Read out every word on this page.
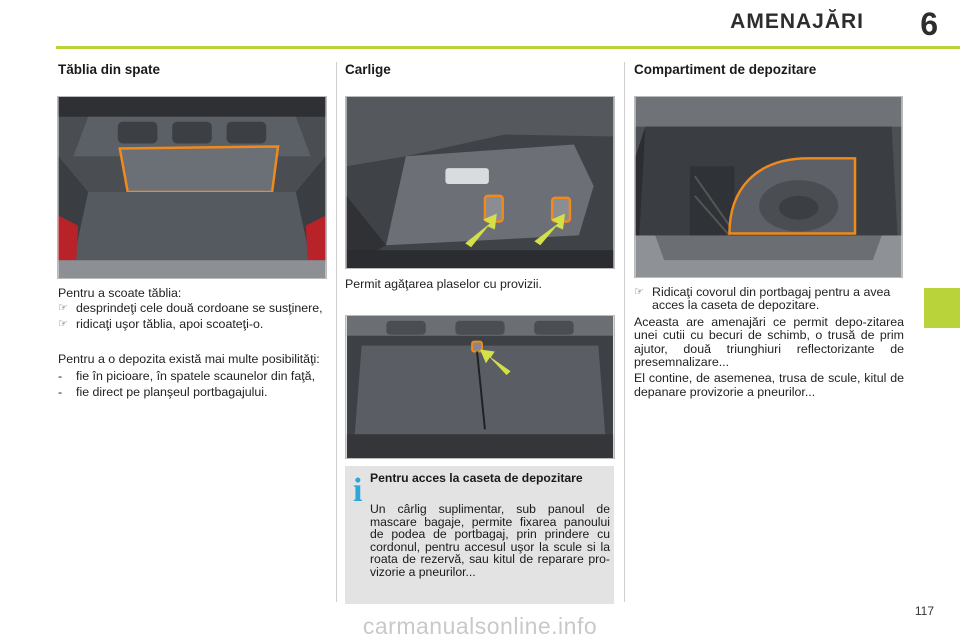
AMENAJĂRI 6
Tăblia din spate

Pentru a scoate tăblia:

☞ desprindeţi cele două cordoane se susţinere,
☞ ridicaţi uşor tăblia, apoi scoateţi-o.

Pentru a o depozita există mai multe posibilităţi:

-	fie în picioare, în spatele scaunelor din faţă,
-	fie direct pe planşeul portbagajului.
Carlige
Permit agăţarea plaselor cu provizii.
i Pentru acces la caseta de depozitare
Un cârlig suplimentar, sub panoul de mascare bagaje, permite fixarea panoului de podea de portbagaj, prin prindere cu cordonul, pentru accesul uşor la scule si la roata de rezervă, sau kitul de reparare pro-vizorie a pneurilor...
Compartiment de depozitare
☞ Ridicaţi covorul din portbagaj pentru a avea acces la caseta de depozitare.

Aceasta are amenajări ce permit depo-zitarea unei cutii cu becuri de schimb, o trusă de prim ajutor, două triunghiuri reflectorizante de presemnalizare...

El contine, de asemenea, trusa de scule, kitul de depanare provizorie a pneurilor...

117
carmanualsonline.info
